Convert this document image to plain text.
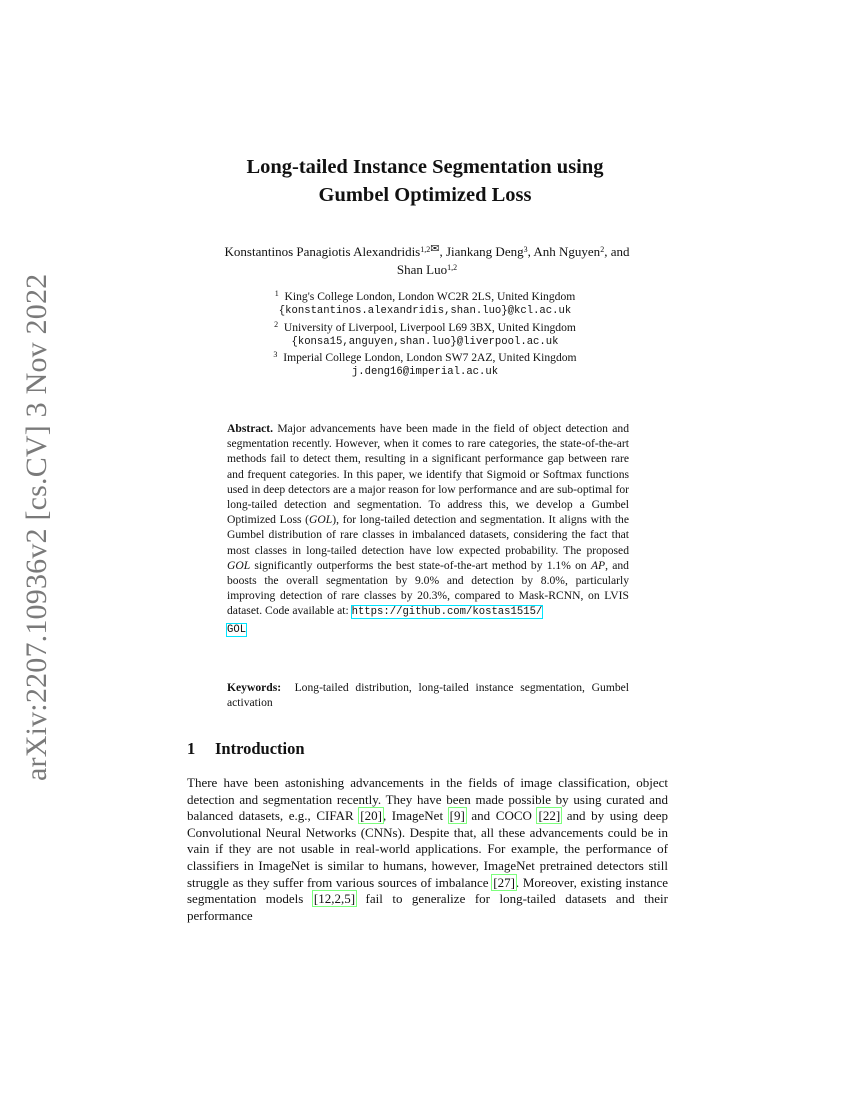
arXiv:2207.10936v2 [cs.CV] 3 Nov 2022
Long-tailed Instance Segmentation using
Gumbel Optimized Loss
Konstantinos Panagiotis Alexandridis$^{1,2✉}$, Jiankang Deng$^3$, Anh Nguyen$^2$, and
Shan Luo$^{1,2}$
$^1$ King's College London, London WC2R 2LS, United Kingdom
{konstantinos.alexandridis,shan.luo}@kcl.ac.uk
$^2$ University of Liverpool, Liverpool L69 3BX, United Kingdom
{konsa15,anguyen,shan.luo}@liverpool.ac.uk
$^3$ Imperial College London, London SW7 2AZ, United Kingdom
j.deng16@imperial.ac.uk
Abstract. Major advancements have been made in the field of object detection and segmentation recently. However, when it comes to rare categories, the state-of-the-art methods fail to detect them, resulting in a significant performance gap between rare and frequent categories. In this paper, we identify that Sigmoid or Softmax functions used in deep detectors are a major reason for low performance and are sub-optimal for long-tailed detection and segmentation. To address this, we develop a Gumbel Optimized Loss (GOL), for long-tailed detection and segmentation. It aligns with the Gumbel distribution of rare classes in imbalanced datasets, considering the fact that most classes in long-tailed detection have low expected probability. The proposed GOL significantly outperforms the best state-of-the-art method by 1.1% on AP, and boosts the overall segmentation by 9.0% and detection by 8.0%, particularly improving detection of rare classes by 20.3%, compared to Mask-RCNN, on LVIS dataset. Code available at: https://github.com/kostas1515/
GOL
Keywords: Long-tailed distribution, long-tailed instance segmentation, Gumbel activation
1 Introduction
There have been astonishing advancements in the fields of image classification, object detection and segmentation recently. They have been made possible by using curated and balanced datasets, e.g., CIFAR [20], ImageNet [9] and COCO [22] and by using deep Convolutional Neural Networks (CNNs). Despite that, all these advancements could be in vain if they are not usable in real-world applications. For example, the performance of classifiers in ImageNet is similar to humans, however, ImageNet pretrained detectors still struggle as they suffer from various sources of imbalance [27]. Moreover, existing instance segmentation models [12,2,5] fail to generalize for long-tailed datasets and their performance
